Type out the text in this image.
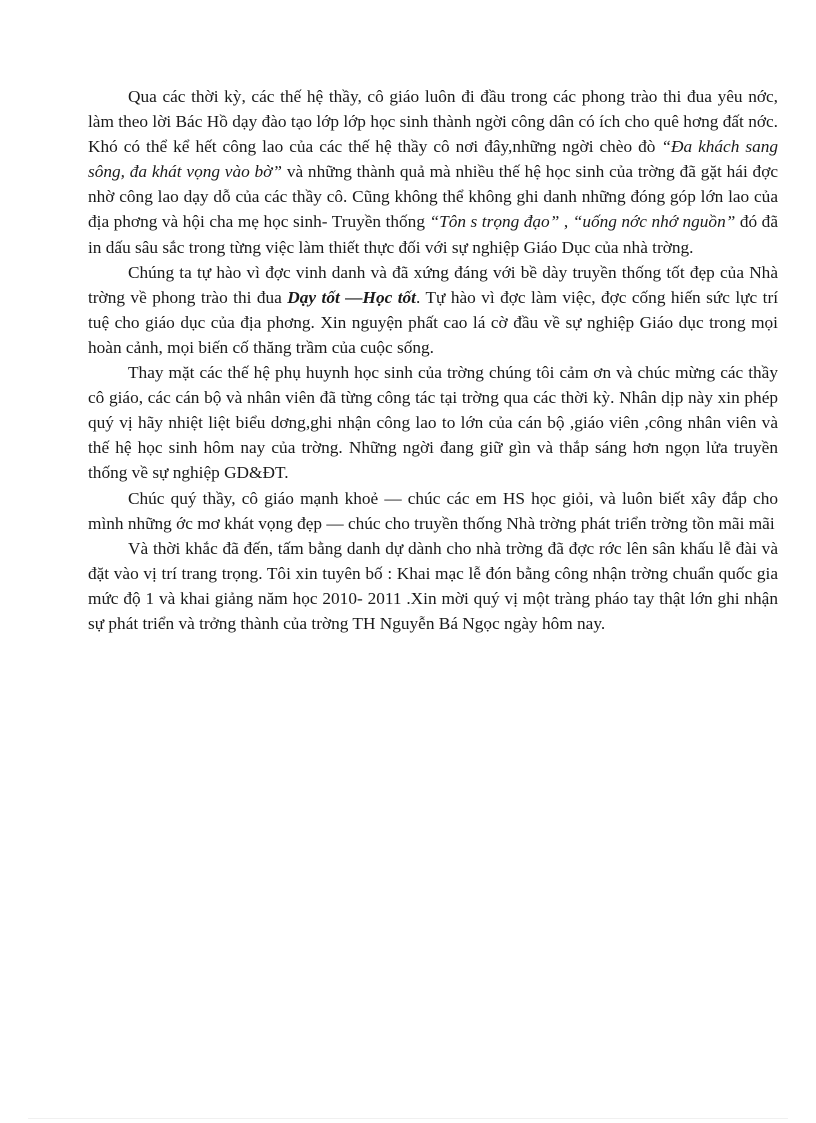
Qua các thời kỳ, các thế hệ thầy, cô giáo luôn đi đầu trong các phong trào thi đua yêu nớc, làm theo lời Bác Hồ dạy đào tạo lớp lớp học sinh thành ngời công dân có ích cho quê hơng đất nớc. Khó có thể kể hết công lao của các thế hệ thầy cô nơi đây,những ngời chèo đò “Đa khách sang sông, đa khát vọng vào bờ” và những thành quả mà nhiều thế hệ học sinh của trờng đã gặt hái đợc nhờ công lao dạy dỗ của các thầy cô. Cũng không thể không ghi danh những đóng góp lớn lao của địa phơng và hội cha mẹ học sinh- Truyền thống “Tôn s trọng đạo” , “uống nớc nhớ nguồn” đó đã in dấu sâu sắc trong từng việc làm thiết thực đối với sự nghiệp Giáo Dục của nhà trờng.

Chúng ta tự hào vì đợc vinh danh và đã xứng đáng với bề dày truyền thống tốt đẹp của Nhà trờng về phong trào thi đua Dạy tốt —Học tốt. Tự hào vì đợc làm việc, đợc cống hiến sức lực trí tuệ cho giáo dục của địa phơng. Xin nguyện phất cao lá cờ đầu về sự nghiệp Giáo dục trong mọi hoàn cảnh, mọi biến cố thăng trầm của cuộc sống.

Thay mặt các thế hệ phụ huynh học sinh của trờng chúng tôi cảm ơn và chúc mừng các thầy cô giáo, các cán bộ và nhân viên đã từng công tác tại trờng qua các thời kỳ. Nhân dịp này xin phép quý vị hãy nhiệt liệt biểu dơng,ghi nhận công lao to lớn của cán bộ ,giáo viên ,công nhân viên và thế hệ học sinh hôm nay của trờng. Những ngời đang giữ gìn và thắp sáng hơn ngọn lửa truyền thống về sự nghiệp GD&ĐT.

Chúc quý thầy, cô giáo mạnh khoẻ — chúc các em HS học giỏi, và luôn biết xây đắp cho mình những ớc mơ khát vọng đẹp — chúc cho truyền thống Nhà trờng phát triển trờng tồn mãi mãi

Và thời khắc đã đến, tấm bằng danh dự dành cho nhà trờng đã đợc rớc lên sân khấu lễ đài và đặt vào vị trí trang trọng. Tôi xin tuyên bố : Khai mạc lễ đón bằng công nhận trờng chuẩn quốc gia mức độ 1 và khai giảng năm học 2010- 2011 .Xin mời quý vị một tràng pháo tay thật lớn ghi nhận sự phát triển và trởng thành của trờng TH Nguyễn Bá Ngọc ngày hôm nay.
